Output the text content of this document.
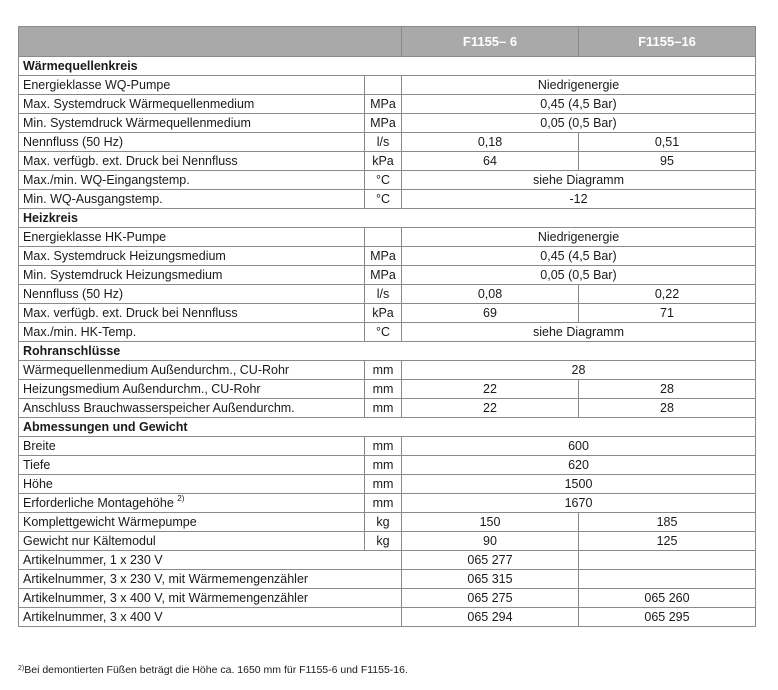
		F1155– 6	F1155–16
Wärmequellenkreis			
Energieklasse WQ-Pumpe		Niedrigenergie	
Max. Systemdruck Wärmequellenmedium	MPa	0,45 (4,5 Bar)	
Min. Systemdruck Wärmequellenmedium	MPa	0,05 (0,5 Bar)	
Nennfluss (50 Hz)	l/s	0,18	0,51
Max. verfügb. ext. Druck bei Nennfluss	kPa	64	95
Max./min. WQ-Eingangstemp.	°C	siehe Diagramm	
Min. WQ-Ausgangstemp.	°C	-12	
Heizkreis			
Energieklasse HK-Pumpe		Niedrigenergie	
Max. Systemdruck Heizungsmedium	MPa	0,45 (4,5 Bar)	
Min. Systemdruck Heizungsmedium	MPa	0,05 (0,5 Bar)	
Nennfluss (50 Hz)	l/s	0,08	0,22
Max. verfügb. ext. Druck bei Nennfluss	kPa	69	71
Max./min. HK-Temp.	°C	siehe Diagramm	
Rohranschlüsse			
Wärmequellenmedium Außendurchm., CU-Rohr	mm	28	
Heizungsmedium Außendurchm., CU-Rohr	mm	22	28
Anschluss Brauchwasserspeicher Außendurchm.	mm	22	28
Abmessungen und Gewicht			
Breite	mm	600	
Tiefe	mm	620	
Höhe	mm	1500	
Erforderliche Montagehöhe $^{2)}$	mm	1670	
Komplettgewicht Wärmepumpe	kg	150	185
Gewicht nur Kältemodul	kg	90	125
Artikelnummer, 1 x 230 V		065 277	
Artikelnummer, 3 x 230 V, mit Wärmemengenzähler		065 315	
Artikelnummer, 3 x 400 V, mit Wärmemengenzähler		065 275	065 260
Artikelnummer, 3 x 400 V		065 294	065 295
$^{2)}$Bei demontierten Füßen beträgt die Höhe ca. 1650 mm für F1155-6 und F1155-16.
